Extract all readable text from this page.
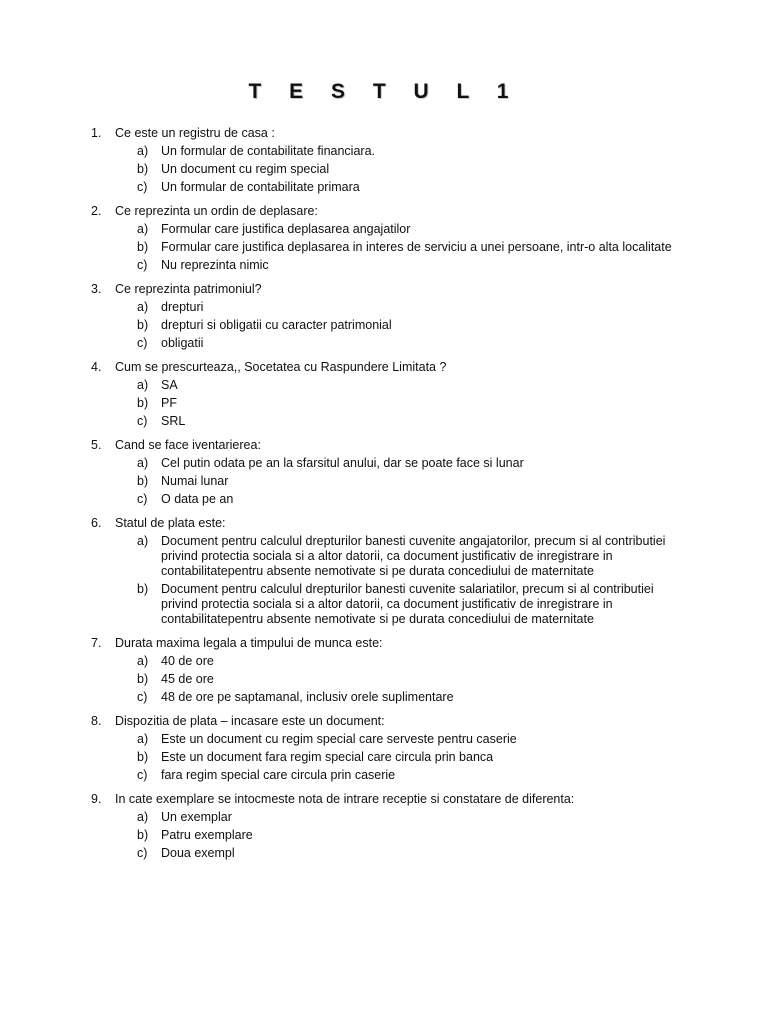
T E S T U L 1
1.	Ce este un registru de casa :
a)	Un formular de contabilitate financiara.
b)	Un document cu regim special
c)	Un formular de contabilitate primara
2.	Ce reprezinta un ordin de deplasare:
a)	Formular care justifica deplasarea angajatilor
b)	Formular care justifica deplasarea in interes de serviciu a unei persoane, intr-o alta localitate
c)	Nu reprezinta nimic
3.	Ce reprezinta patrimoniul?
a)	drepturi
b)	drepturi si obligatii cu caracter patrimonial
c)	obligatii
4.	Cum se prescurteaza,, Socetatea cu Raspundere Limitata ?
a)	SA
b)	PF
c)	SRL
5.	Cand se face iventarierea:
a)	Cel putin odata pe an la sfarsitul anului, dar se poate face si lunar
b)	Numai lunar
c)	O data pe an
6.	Statul de plata este:
a)	Document pentru calculul drepturilor banesti cuvenite angajatorilor, precum si al contributiei privind protectia sociala si a altor datorii, ca document justificativ de inregistrare in contabilitatepentru absente nemotivate si pe durata concediului de maternitate
b)	Document pentru calculul drepturilor banesti cuvenite salariatilor, precum si al contributiei privind protectia sociala si a altor datorii, ca document justificativ de inregistrare in contabilitatepentru absente nemotivate si pe durata concediului de maternitate
7.	Durata maxima legala a timpului de munca este:
a)	40 de ore
b)	45 de ore
c)	48 de ore pe saptamanal, inclusiv orele suplimentare
8.	Dispozitia de plata – incasare este un document:
a)	Este un document cu regim special care serveste pentru caserie
b)	Este un document fara regim special care circula prin banca
c)	fara regim special care circula prin caserie
9.	In cate exemplare se intocmeste nota de intrare receptie si constatare de diferenta:
a)	Un exemplar
b)	Patru exemplare
c)	Doua exempl
